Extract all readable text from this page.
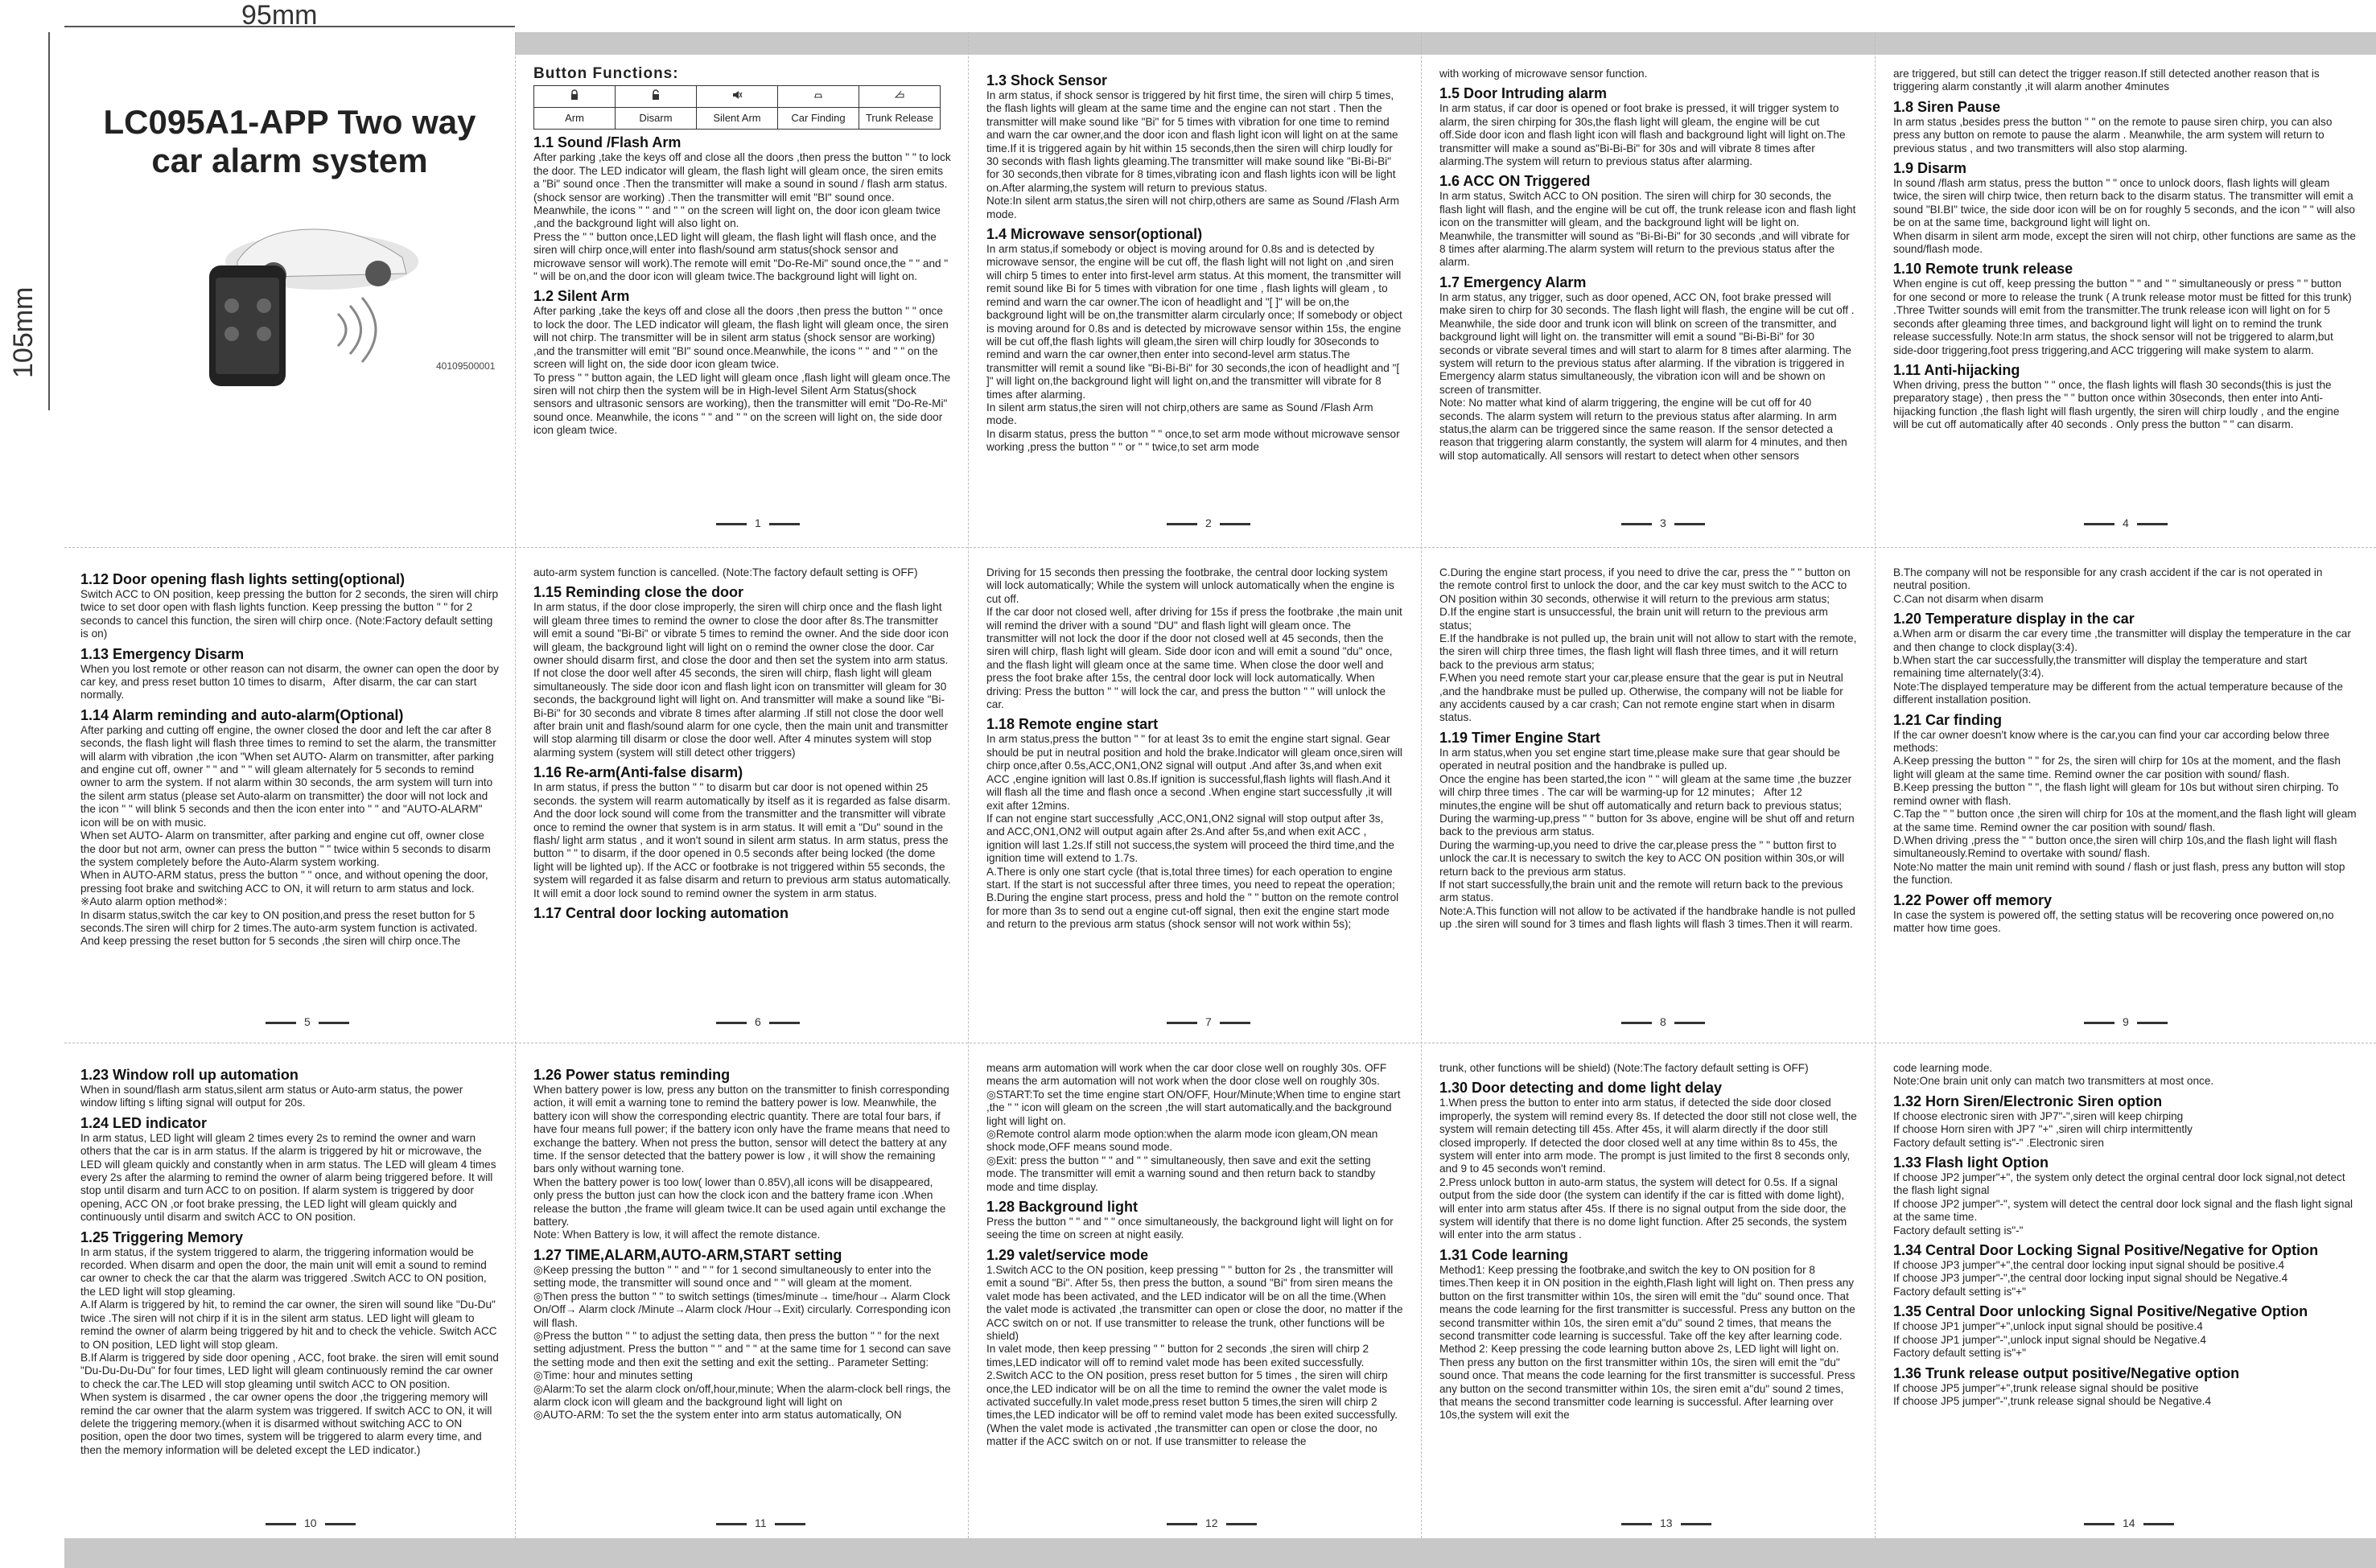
95mm
105mm
LC095A1-APP Two way
car alarm system
40109500001
Button Functions:

Arm	Disarm	Silent Arm	Car Finding	Trunk Release
1.1 Sound /Flash Arm

After parking ,take the keys off and close all the doors ,then press the button " " to lock the door. The LED indicator will gleam, the flash light will gleam once, the siren emits a "Bi" sound once .Then the transmitter will make a sound in sound / flash arm status. (shock sensor are working) .Then the transmitter will emit "BI" sound once. Meanwhile, the icons " " and " " on the screen will light on, the door icon gleam twice ,and the background light will also light on.

Press the " " button once,LED light will gleam, the flash light will flash once, and the siren will chirp once,will enter into flash/sound arm status(shock sensor and microwave sensor will work).The remote will emit "Do-Re-Mi" sound once,the " " and " " will be on,and the door icon will gleam twice.The background light will light on.

1.2 Silent Arm

After parking ,take the keys off and close all the doors ,then press the button " " once to lock the door. The LED indicator will gleam, the flash light will gleam once, the siren will not chirp. The transmitter will be in silent arm status (shock sensor are working) ,and the transmitter will emit "BI" sound once.Meanwhile, the icons " " and " " on the screen will light on, the side door icon gleam twice.

To press " " button again, the LED light will gleam once ,flash light will gleam once.The siren will not chirp then the system will be in High-level Silent Arm Status(shock sensors and ultrasonic sensors are working), then the transmitter will emit "Do-Re-Mi" sound once. Meanwhile, the icons " " and " " on the screen will light on, the side door icon gleam twice.

1.3 Shock Sensor

In arm status, if shock sensor is triggered by hit first time, the siren will chirp 5 times, the flash lights will gleam at the same time and the engine can not start . Then the transmitter will make sound like "Bi" for 5 times with vibration for one time to remind and warn the car owner,and the door icon and flash light icon will light on at the same time.If it is triggered again by hit within 15 seconds,then the siren will chirp loudly for 30 seconds with flash lights gleaming.The transmitter will make sound like "Bi-Bi-Bi" for 30 seconds,then vibrate for 8 times,vibrating icon and flash lights icon will be light on.After alarming,the system will return to previous status.

Note:In silent arm status,the siren will not chirp,others are same as Sound /Flash Arm mode.

1.4 Microwave sensor(optional)

In arm status,if somebody or object is moving around for 0.8s and is detected by microwave sensor, the engine will be cut off, the flash light will not light on ,and siren will chirp 5 times to enter into first-level arm status. At this moment, the transmitter will remit sound like Bi for 5 times with vibration for one time , flash lights will gleam , to remind and warn the car owner.The icon of headlight and "[ ]" will be on,the background light will be on,the transmitter alarm circularly once; If somebody or object is moving around for 0.8s and is detected by microwave sensor within 15s, the engine will be cut off,the flash lights will gleam,the siren will chirp loudly for 30seconds to remind and warn the car owner,then enter into second-level arm status.The transmitter will remit a sound like "Bi-Bi-Bi" for 30 seconds,the icon of headlight and "[ ]" will light on,the background light will light on,and the transmitter will vibrate for 8 times after alarming.

In silent arm status,the siren will not chirp,others are same as Sound /Flash Arm mode.

In disarm status, press the button " " once,to set arm mode without microwave sensor working ,press the button " " or " " twice,to set arm mode

with working of microwave sensor function.

1.5 Door Intruding alarm

In arm status, if car door is opened or foot brake is pressed, it will trigger system to alarm, the siren chirping for 30s,the flash light will gleam, the engine will be cut off.Side door icon and flash light icon will flash and background light will light on.The transmitter will make a sound as"Bi-Bi-Bi" for 30s and will vibrate 8 times after alarming.The system will return to previous status after alarming.

1.6 ACC ON Triggered

In arm status, Switch ACC to ON position. The siren will chirp for 30 seconds, the flash light will flash, and the engine will be cut off, the trunk release icon and flash light icon on the transmitter will gleam, and the background light will be light on. Meanwhile, the transmitter will sound as "Bi-Bi-Bi" for 30 seconds ,and will vibrate for 8 times after alarming.The alarm system will return to the previous status after the alarm.

1.7 Emergency Alarm

In arm status, any trigger, such as door opened, ACC ON, foot brake pressed will make siren to chirp for 30 seconds. The flash light will flash, the engine will be cut off . Meanwhile, the side door and trunk icon will blink on screen of the transmitter, and background light will light on. the transmitter will emit a sound "Bi-Bi-Bi" for 30 seconds or vibrate several times and will start to alarm for 8 times after alarming. The system will return to the previous status after alarming. If the vibration is triggered in Emergency alarm status simultaneously, the vibration icon will and be shown on screen of transmitter.

Note: No matter what kind of alarm triggering, the engine will be cut off for 40 seconds. The alarm system will return to the previous status after alarming. In arm status,the alarm can be triggered since the same reason. If the sensor detected a reason that triggering alarm constantly, the system will alarm for 4 minutes, and then will stop automatically. All sensors will restart to detect when other sensors

are triggered, but still can detect the trigger reason.If still detected another reason that is triggering alarm constantly ,it will alarm another 4minutes

1.8 Siren Pause

In arm status ,besides press the button " " on the remote to pause siren chirp, you can also press any button on remote to pause the alarm . Meanwhile, the arm system will return to previous status , and two transmitters will also stop alarming.

1.9 Disarm

In sound /flash arm status, press the button " " once to unlock doors, flash lights will gleam twice, the siren will chirp twice, then return back to the disarm status. The transmitter will emit a sound "BI.BI" twice, the side door icon will be on for roughly 5 seconds, and the icon " " will also be on at the same time, background light will light on.

When disarm in silent arm mode, except the siren will not chirp, other functions are same as the sound/flash mode.

1.10 Remote trunk release

When engine is cut off, keep pressing the button " " and " " simultaneously or press " " button for one second or more to release the trunk ( A trunk release motor must be fitted for this trunk) .Three Twitter sounds will emit from the transmitter.The trunk release icon will light on for 5 seconds after gleaming three times, and background light will light on to remind the trunk release successfully. Note:In arm status, the shock sensor will not be triggered to alarm,but side-door triggering,foot press triggering,and ACC triggering will make system to alarm.

1.11 Anti-hijacking

When driving, press the button " " once, the flash lights will flash 30 seconds(this is just the preparatory stage) , then press the " " button once within 30seconds, then enter into Anti-hijacking function ,the flash light will flash urgently, the siren will chirp loudly , and the engine will be cut off automatically after 40 seconds . Only press the button " " can disarm.

1.12 Door opening flash lights setting(optional)

Switch ACC to ON position, keep pressing the button for 2 seconds, the siren will chirp twice to set door open with flash lights function. Keep pressing the button " " for 2 seconds to cancel this function, the siren will chirp once. (Note:Factory default setting is on)

1.13 Emergency Disarm

When you lost remote or other reason can not disarm, the owner can open the door by car key, and press reset button 10 times to disarm，After disarm, the car can start normally.

1.14 Alarm reminding and auto-alarm(Optional)

After parking and cutting off engine, the owner closed the door and left the car after 8 seconds, the flash light will flash three times to remind to set the alarm, the transmitter will alarm with vibration ,the icon "When set AUTO- Alarm on transmitter, after parking and engine cut off, owner " " and " " will gleam alternately for 5 seconds to remind owner to arm the system. If not alarm within 30 seconds, the arm system will turn into the silent arm status (please set Auto-alarm on transmitter) the door will not lock and the icon " " will blink 5 seconds and then the icon enter into " " and "AUTO-ALARM" icon will be on with music.

When set AUTO- Alarm on transmitter, after parking and engine cut off, owner close the door but not arm, owner can press the button " " twice within 5 seconds to disarm the system completely before the Auto-Alarm system working.

When in AUTO-ARM status, press the button " " once, and without opening the door, pressing foot brake and switching ACC to ON, it will return to arm status and lock.

※Auto alarm option method※:

In disarm status,switch the car key to ON position,and press the reset button for 5 seconds.The siren will chirp for 2 times.The auto-arm system function is activated. And keep pressing the reset button for 5 seconds ,the siren will chirp once.The

auto-arm system function is cancelled. (Note:The factory default setting is OFF)

1.15 Reminding close the door

In arm status, if the door close improperly, the siren will chirp once and the flash light will gleam three times to remind the owner to close the door after 8s.The transmitter will emit a sound "Bi-Bi" or vibrate 5 times to remind the owner. And the side door icon will gleam, the background light will light on o remind the owner close the door. Car owner should disarm first, and close the door and then set the system into arm status. If not close the door well after 45 seconds, the siren will chirp, flash light will gleam simultaneously. The side door icon and flash light icon on transmitter will gleam for 30 seconds, the background light will light on. And transmitter will make a sound like "Bi-Bi-Bi" for 30 seconds and vibrate 8 times after alarming .If still not close the door well after brain unit and flash/sound alarm for one cycle, then the main unit and transmitter will stop alarming till disarm or close the door well. After 4 minutes system will stop alarming system (system will still detect other triggers)

1.16 Re-arm(Anti-false disarm)

In arm status, if press the button " " to disarm but car door is not opened within 25 seconds. the system will rearm automatically by itself as it is regarded as false disarm. And the door lock sound will come from the transmitter and the transmitter will vibrate once to remind the owner that system is in arm status. It will emit a "Du" sound in the flash/ light arm status , and it won't sound in silent arm status. In arm status, press the button " " to disarm, if the door opened in 0.5 seconds after being locked (the dome light will be lighted up). If the ACC or footbrake is not triggered within 55 seconds, the system will regarded it as false disarm and return to previous arm status automatically. It will emit a door lock sound to remind owner the system in arm status.

1.17 Central door locking automation

Driving for 15 seconds then pressing the footbrake, the central door locking system will lock automatically; While the system will unlock automatically when the engine is cut off.

If the car door not closed well, after driving for 15s if press the footbrake ,the main unit will remind the driver with a sound "DU" and flash light will gleam once. The transmitter will not lock the door if the door not closed well at 45 seconds, then the siren will chirp, flash light will gleam. Side door icon and will emit a sound "du" once, and the flash light will gleam once at the same time. When close the door well and press the foot brake after 15s, the central door lock will lock automatically. When driving: Press the button " " will lock the car, and press the button " " will unlock the car.

1.18 Remote engine start

In arm status,press the button " " for at least 3s to emit the engine start signal. Gear should be put in neutral position and hold the brake.Indicator will gleam once,siren will chirp once,after 0.5s,ACC,ON1,ON2 signal will output .And after 3s,and when exit ACC ,engine ignition will last 0.8s.If ignition is successful,flash lights will flash.And it will flash all the time and flash once a second .When engine start successfully ,it will exit after 12mins.

If can not engine start successfully ,ACC,ON1,ON2 signal will stop output after 3s, and ACC,ON1,ON2 will output again after 2s.And after 5s,and when exit ACC , ignition will last 1.2s.If still not success,the system will proceed the third time,and the ignition time will extend to 1.7s.

A.There is only one start cycle (that is,total three times) for each operation to engine start. If the start is not successful after three times, you need to repeat the operation;

B.During the engine start process, press and hold the " " button on the remote control for more than 3s to send out a engine cut-off signal, then exit the engine start mode and return to the previous arm status (shock sensor will not work within 5s);

C.During the engine start process, if you need to drive the car, press the " " button on the remote control first to unlock the door, and the car key must switch to the ACC to ON position within 30 seconds, otherwise it will return to the previous arm status;

D.If the engine start is unsuccessful, the brain unit will return to the previous arm status;

E.If the handbrake is not pulled up, the brain unit will not allow to start with the remote, the siren will chirp three times, the flash light will flash three times, and it will return back to the previous arm status;

F.When you need remote start your car,please ensure that the gear is put in Neutral ,and the handbrake must be pulled up. Otherwise, the company will not be liable for any accidents caused by a car crash; Can not remote engine start when in disarm status.

1.19 Timer Engine Start

In arm status,when you set engine start time,please make sure that gear should be operated in neutral position and the handbrake is pulled up.

Once the engine has been started,the icon " " will gleam at the same time ,the buzzer will chirp three times . The car will be warming-up for 12 minutes； After 12 minutes,the engine will be shut off automatically and return back to previous status; During the warming-up,press " " button for 3s above, engine will be shut off and return back to the previous arm status.

During the warming-up,you need to drive the car,please press the " " button first to unlock the car.It is necessary to switch the key to ACC ON position within 30s,or will return back to the previous arm status.

If not start successfully,the brain unit and the remote will return back to the previous arm status.

Note:A.This function will not allow to be activated if the handbrake handle is not pulled up .the siren will sound for 3 times and flash lights will flash 3 times.Then it will rearm.

B.The company will not be responsible for any crash accident if the car is not operated in neutral position.

C.Can not disarm when disarm

1.20 Temperature display in the car

a.When arm or disarm the car every time ,the transmitter will display the temperature in the car and then change to clock display(3:4).

b.When start the car successfully,the transmitter will display the temperature and start remaining time alternately(3:4).

Note:The displayed temperature may be different from the actual temperature because of the different installation position.

1.21 Car finding

If the car owner doesn't know where is the car,you can find your car according below three methods:

A.Keep pressing the button " " for 2s, the siren will chirp for 10s at the moment, and the flash light will gleam at the same time. Remind owner the car position with sound/ flash.

B.Keep pressing the button " ", the flash light will gleam for 10s but without siren chirping. To remind owner with flash.

C.Tap the " " button once ,the siren will chirp for 10s at the moment,and the flash light will gleam at the same time. Remind owner the car position with sound/ flash.

D.When driving ,press the " " button once,the siren will chirp 10s,and the flash light will flash simultaneously.Remind to overtake with sound/ flash.

Note:No matter the main unit remind with sound / flash or just flash, press any button will stop the function.

1.22 Power off memory

In case the system is powered off, the setting status will be recovering once powered on,no matter how time goes.

1.23 Window roll up automation

When in sound/flash arm status,silent arm status or Auto-arm status, the power window lifting s lifting signal will output for 20s.

1.24 LED indicator

In arm status, LED light will gleam 2 times every 2s to remind the owner and warn others that the car is in arm status. If the alarm is triggered by hit or microwave, the LED will gleam quickly and constantly when in arm status. The LED will gleam 4 times every 2s after the alarming to remind the owner of alarm being triggered before. It will stop until disarm and turn ACC to on position. If alarm system is triggered by door opening, ACC ON ,or foot brake pressing, the LED light will gleam quickly and continuously until disarm and switch ACC to ON position.

1.25 Triggering Memory

In arm status, if the system triggered to alarm, the triggering information would be recorded. When disarm and open the door, the main unit will emit a sound to remind car owner to check the car that the alarm was triggered .Switch ACC to ON position, the LED light will stop gleaming.

A.If Alarm is triggered by hit, to remind the car owner, the siren will sound like "Du-Du" twice .The siren will not chirp if it is in the silent arm status. LED light will gleam to remind the owner of alarm being triggered by hit and to check the vehicle. Switch ACC to ON position, LED light will stop gleam.

B.If Alarm is triggered by side door opening , ACC, foot brake. the siren will emit sound "Du-Du-Du-Du" for four times, LED light will gleam continuously remind the car owner to check the car.The LED will stop gleaming until switch ACC to ON position.

When system is disarmed , the car owner opens the door ,the triggering memory will remind the car owner that the alarm system was triggered. If switch ACC to ON, it will delete the triggering memory.(when it is disarmed without switching ACC to ON position, open the door two times, system will be triggered to alarm every time, and then the memory information will be deleted except the LED indicator.)

1.26 Power status reminding

When battery power is low, press any button on the transmitter to finish corresponding action, it will emit a warning tone to remind the battery power is low. Meanwhile, the battery icon will show the corresponding electric quantity. There are total four bars, if have four means full power; if the battery icon only have the frame means that need to exchange the battery. When not press the button, sensor will detect the battery at any time. If the sensor detected that the battery power is low , it will show the remaining bars only without warning tone.

When the battery power is too low( lower than 0.85V),all icons will be disappeared, only press the button just can how the clock icon and the battery frame icon .When release the button ,the frame will gleam twice.It can be used again until exchange the battery.

Note: When Battery is low, it will affect the remote distance.

1.27 TIME,ALARM,AUTO-ARM,START setting

◎Keep pressing the button " " and " " for 1 second simultaneously to enter into the setting mode, the transmitter will sound once and " " will gleam at the moment.

◎Then press the button " " to switch settings (times/minute→ time/hour→ Alarm Clock On/Off→ Alarm clock /Minute→Alarm clock /Hour→Exit) circularly. Corresponding icon will flash.

◎Press the button " " to adjust the setting data, then press the button " " for the next setting adjustment. Press the button " " and " " at the same time for 1 second can save the setting mode and then exit the setting and exit the setting.. Parameter Setting:

◎Time: hour and minutes setting

◎Alarm:To set the alarm clock on/off,hour,minute; When the alarm-clock bell rings, the alarm clock icon will gleam and the background light will light on

◎AUTO-ARM: To set the the system enter into arm status automatically, ON

means arm automation will work when the car door close well on roughly 30s. OFF means the arm automation will not work when the door close well on roughly 30s.

◎START:To set the time engine start ON/OFF, Hour/Minute;When time to engine start ,the " " icon will gleam on the screen ,the will start automatically.and the background light will light on.

◎Remote control alarm mode option:when the alarm mode icon gleam,ON mean shock mode,OFF means sound mode.

◎Exit: press the button " " and " " simultaneously, then save and exit the setting mode. The transmitter will emit a warning sound and then return back to standby mode and time display.

1.28 Background light

Press the button " " and " " once simultaneously, the background light will light on for seeing the time on screen at night easily.

1.29 valet/service mode

1.Switch ACC to the ON position, keep pressing " " button for 2s , the transmitter will emit a sound "Bi". After 5s, then press the button, a sound "Bi" from siren means the valet mode has been activated, and the LED indicator will be on all the time.(When the valet mode is activated ,the transmitter can open or close the door, no matter if the ACC switch on or not. If use transmitter to release the trunk, other functions will be shield)

In valet mode, then keep pressing " " button for 2 seconds ,the siren will chirp 2 times,LED indicator will off to remind valet mode has been exited successfully.

2.Switch ACC to the ON position, press reset button for 5 times , the siren will chirp once,the LED indicator will be on all the time to remind the owner the valet mode is activated succefully.In valet mode,press reset button 5 times,the siren will chirp 2 times,the LED indicator will be off to remind valet mode has been exited successfully.(When the valet mode is activated ,the transmitter can open or close the door, no matter if the ACC switch on or not. If use transmitter to release the

trunk, other functions will be shield) (Note:The factory default setting is OFF)

1.30 Door detecting and dome light delay

1.When press the button to enter into arm status, if detected the side door closed improperly, the system will remind every 8s. If detected the door still not close well, the system will remain detecting till 45s. After 45s, it will alarm directly if the door still closed improperly. If detected the door closed well at any time within 8s to 45s, the system will enter into arm mode. The prompt is just limited to the first 8 seconds only, and 9 to 45 seconds won't remind.

2.Press unlock button in auto-arm status, the system will detect for 0.5s. If a signal output from the side door (the system can identify if the car is fitted with dome light), will enter into arm status after 45s. If there is no signal output from the side door, the system will identify that there is no dome light function. After 25 seconds, the system will enter into the arm status .

1.31 Code learning

Method1: Keep pressing the footbrake,and switch the key to ON position for 8 times.Then keep it in ON position in the eighth,Flash light will light on. Then press any button on the first transmitter within 10s, the siren will emit the "du" sound once. That means the code learning for the first transmitter is successful. Press any button on the second transmitter within 10s, the siren emit a"du" sound 2 times, that means the second transmitter code learning is successful. Take off the key after learning code.

Method 2: Keep pressing the code learning button above 2s, LED light will light on. Then press any button on the first transmitter within 10s, the siren will emit the "du" sound once. That means the code learning for the first transmitter is successful. Press any button on the second transmitter within 10s, the siren emit a"du" sound 2 times, that means the second transmitter code learning is successful. After learning over 10s,the system will exit the

code learning mode.

Note:One brain unit only can match two transmitters at most once.

1.32 Horn Siren/Electronic Siren option

If choose electronic siren with JP7"-",siren will keep chirping

If choose Horn siren with JP7 "+" ,siren will chirp intermittently

Factory default setting is"-" .Electronic siren

1.33 Flash light Option

If choose JP2 jumper"+", the system only detect the orginal central door lock signal,not detect the flash light signal

If choose JP2 jumper"-", system will detect the central door lock signal and the flash light signal at the same time.

Factory default setting is"-"

1.34 Central Door Locking Signal Positive/Negative for Option

If choose JP3 jumper"+",the central door locking input signal should be positive.4

If choose JP3 jumper"-",the central door locking input signal should be Negative.4

Factory default setting is"+"

1.35 Central Door unlocking Signal Positive/Negative Option

If choose JP1 jumper"+",unlock input signal should be positive.4

If choose JP1 jumper"-",unlock input signal should be Negative.4

Factory default setting is"+"

1.36 Trunk release output positive/Negative option

If choose JP5 jumper"+",trunk release signal should be positive

If choose JP5 jumper"-",trunk release signal should be Negative.4

1	2	3	4
5	6	7	8	9
10	11	12	13	14
